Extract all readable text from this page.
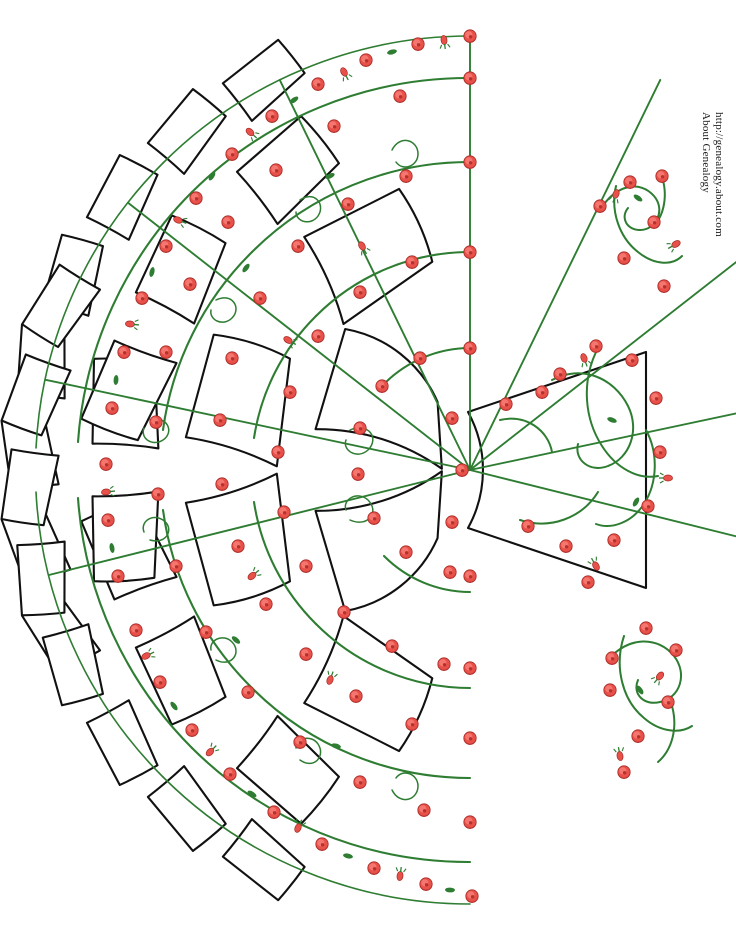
About Genealogy http://genealogy.about.com
